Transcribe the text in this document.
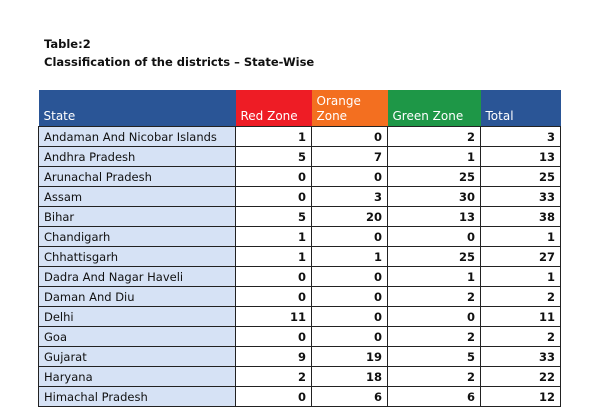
Table:2
Classification of the districts – State-Wise
State	Red Zone	Orange Zone	Green Zone	Total
Andaman And Nicobar Islands	1	0	2	3
Andhra Pradesh	5	7	1	13
Arunachal Pradesh	0	0	25	25
Assam	0	3	30	33
Bihar	5	20	13	38
Chandigarh	1	0	0	1
Chhattisgarh	1	1	25	27
Dadra And Nagar Haveli	0	0	1	1
Daman And Diu	0	0	2	2
Delhi	11	0	0	11
Goa	0	0	2	2
Gujarat	9	19	5	33
Haryana	2	18	2	22
Himachal Pradesh	0	6	6	12
